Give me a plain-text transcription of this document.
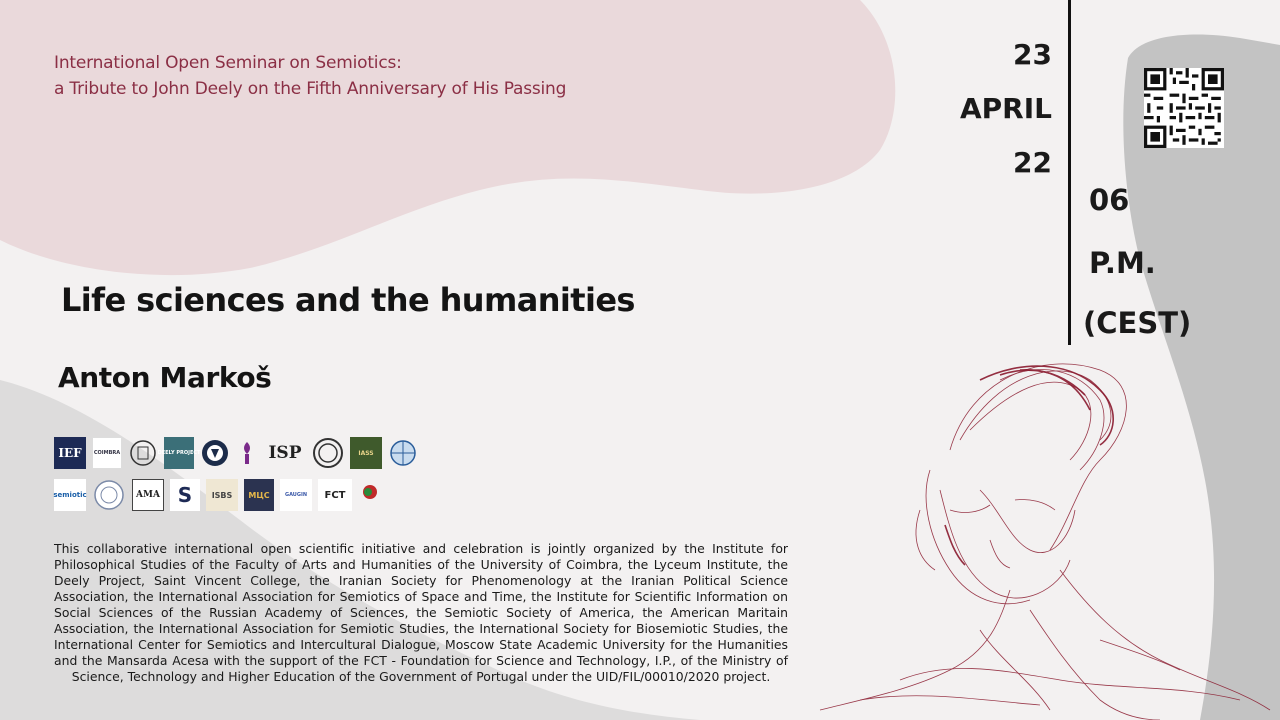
International Open Seminar on Semiotics:
a Tribute to John Deely on the Fifth Anniversary of His Passing
Life sciences and the humanities
Anton Markoš
23
APRIL
22
06
P.M.
(CEST)
IEF	COIMBRA	DEELY PROJECT	ISP	IASS
semiotic	AMA S	ISBS	МЦС	GAUGIN	FCT
This collaborative international open scientific initiative and celebration is jointly organized by the Institute for Philosophical Studies of the Faculty of Arts and Humanities of the University of Coimbra, the Lyceum Institute, the Deely Project, Saint Vincent College, the Iranian Society for Phenomenology at the Iranian Political Science Association, the International Association for Semiotics of Space and Time, the Institute for Scientific Information on Social Sciences of the Russian Academy of Sciences, the Semiotic Society of America, the American Maritain Association, the International Association for Semiotic Studies, the International Society for Biosemiotic Studies, the International Center for Semiotics and Intercultural Dialogue, Moscow State Academic University for the Humanities and the Mansarda Acesa with the support of the FCT - Foundation for Science and Technology, I.P., of the Ministry of Science, Technology and Higher Education of the Government of Portugal under the UID/FIL/00010/2020 project.
